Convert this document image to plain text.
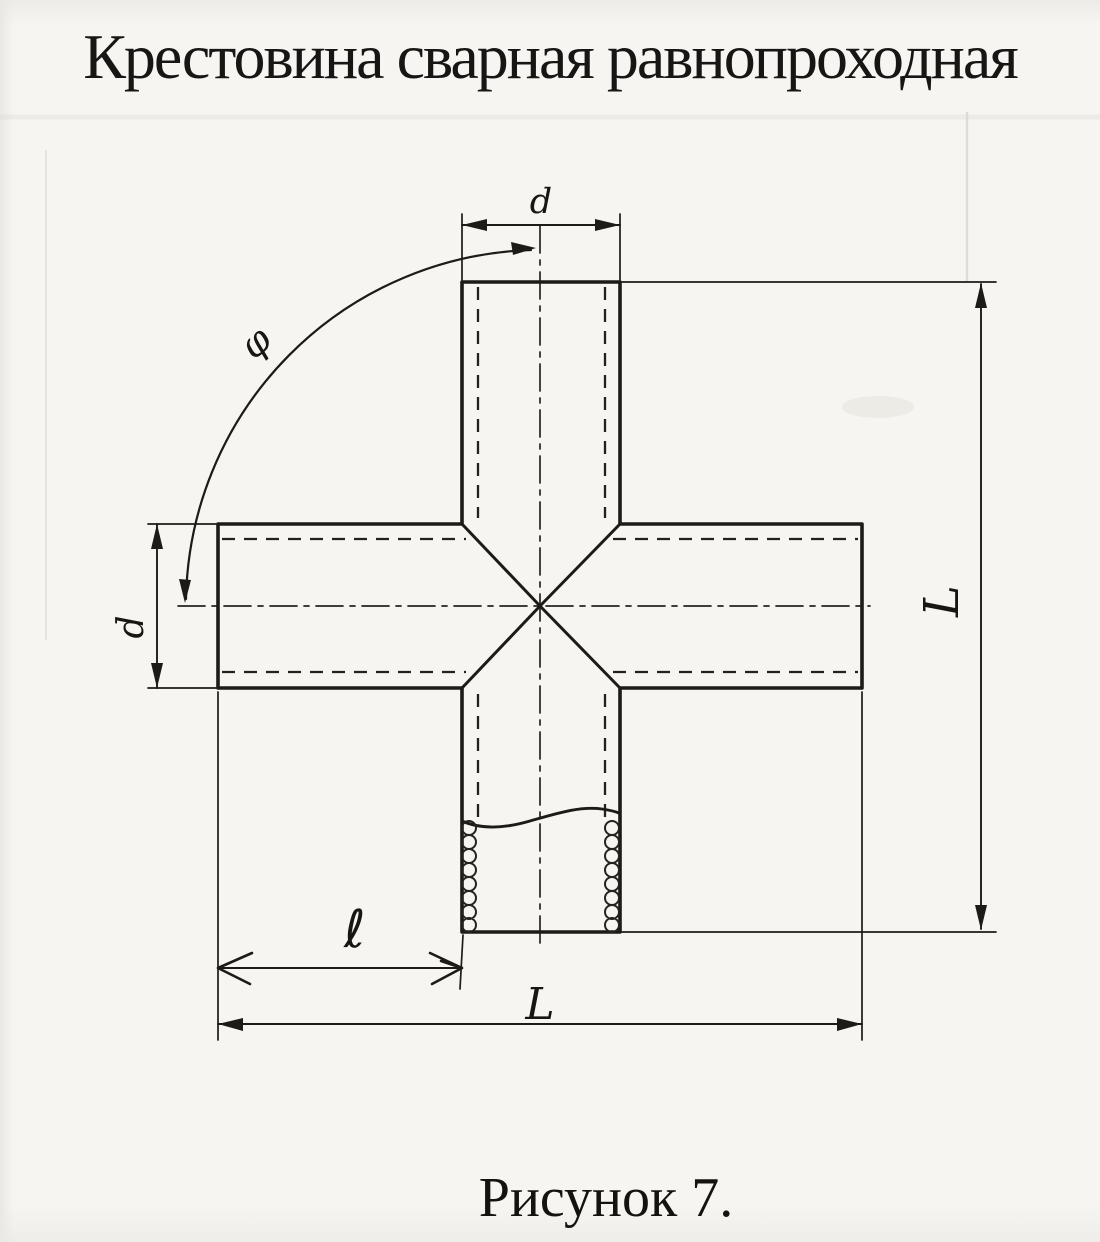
Крестовина сварная равнопроходная
d
φ
d
L
ℓ
L
Рисунок 7.
